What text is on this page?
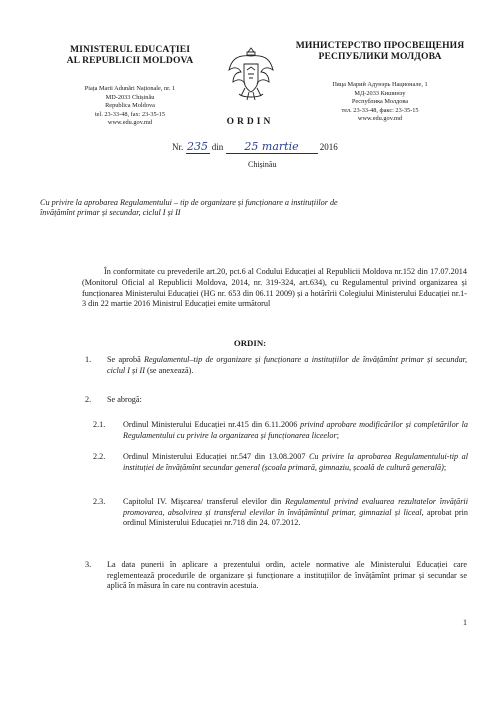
MINISTERUL EDUCAȚIEI
AL REPUBLICII MOLDOVA
Piața Marii Adunări Naționale, nr. 1
MD-2033 Chișinău
Republica Moldova
tel. 23-33-48, fax: 23-35-15
www.edu.gov.md
МИНИСТЕРСТВО ПРОСВЕЩЕНИЯ
РЕСПУБЛИКИ МОЛДОВА
Пяца Марий Адунэрь Национале, 1
МД-2033 Кишинэу
Республика Молдова
тел. 23-33-48, факс: 23-35-15
www.edu.gov.md
ORDIN
Nr. 235 din 25 martie 2016
Chișinău
Cu privire la aprobarea Regulamentului – tip de organizare și funcționare a instituțiilor de învățămînt primar și secundar, ciclul I și II
În conformitate cu prevederile art.20, pct.6 al Codului Educației al Republicii Moldova nr.152 din 17.07.2014 (Monitorul Oficial al Republicii Moldova, 2014, nr. 319-324, art.634), cu Regulamentul privind organizarea și funcționarea Ministerului Educației (HG nr. 653 din 06.11 2009) și a hotărîrii Colegiului Ministerului Educației nr.1-3 din 22 martie 2016 Ministrul Educației emite următorul
ORDIN:
1. Se aprobă Regulamentul–tip de organizare și funcționare a instituțiilor de învățămînt primar și secundar, ciclul I și II (se anexează).
2. Se abrogă:
2.1. Ordinul Ministerului Educației nr.415 din 6.11.2006 privind aprobare modificărilor și completărilor la Regulamentului cu privire la organizarea și funcționarea liceelor;
2.2. Ordinul Ministerului Educației nr.547 din 13.08.2007 Cu privire la aprobarea Regulamentului-tip al instituției de învățămînt secundar general (școala primară, gimnaziu, școală de cultură generală);
2.3. Capitolul IV. Mișcarea/ transferul elevilor din Regulamentul privind evaluarea rezultatelor învățării promovarea, absolvirea și transferul elevilor în învățămîntul primar, gimnazial și liceal, aprobat prin ordinul Ministerului Educației nr.718 din 24. 07.2012.
3. La data punerii în aplicare a prezentului ordin, actele normative ale Ministerului Educației care reglementează procedurile de organizare și funcționare a instituțiilor de învățămînt primar și secundar se aplică în măsura în care nu contravin acestuia.
1
